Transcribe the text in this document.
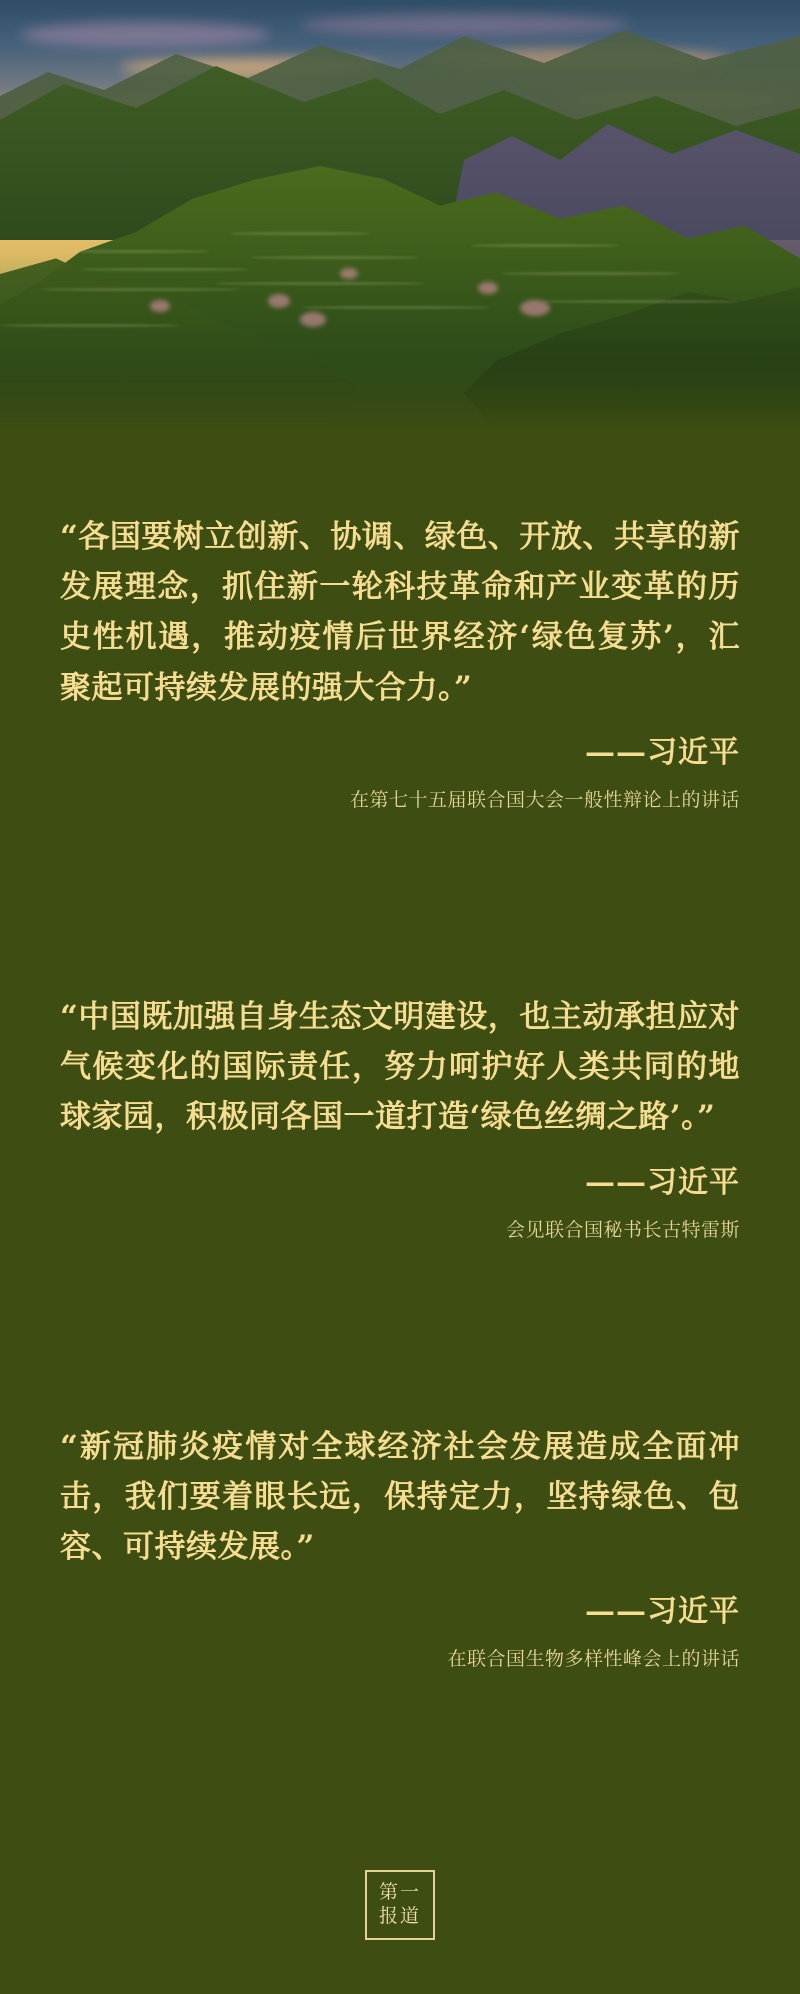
“各国要树立创新、协调、绿色、开放、共享的新发展理念，抓住新一轮科技革命和产业变革的历史性机遇，推动疫情后世界经济‘绿色复苏’，汇聚起可持续发展的强大合力。”
——习近平
在第七十五届联合国大会一般性辩论上的讲话
“中国既加强自身生态文明建设，也主动承担应对气候变化的国际责任，努力呵护好人类共同的地球家园，积极同各国一道打造‘绿色丝绸之路’。”
——习近平
会见联合国秘书长古特雷斯
“新冠肺炎疫情对全球经济社会发展造成全面冲击，我们要着眼长远，保持定力，坚持绿色、包容、可持续发展。”
——习近平
在联合国生物多样性峰会上的讲话
第一
报道
